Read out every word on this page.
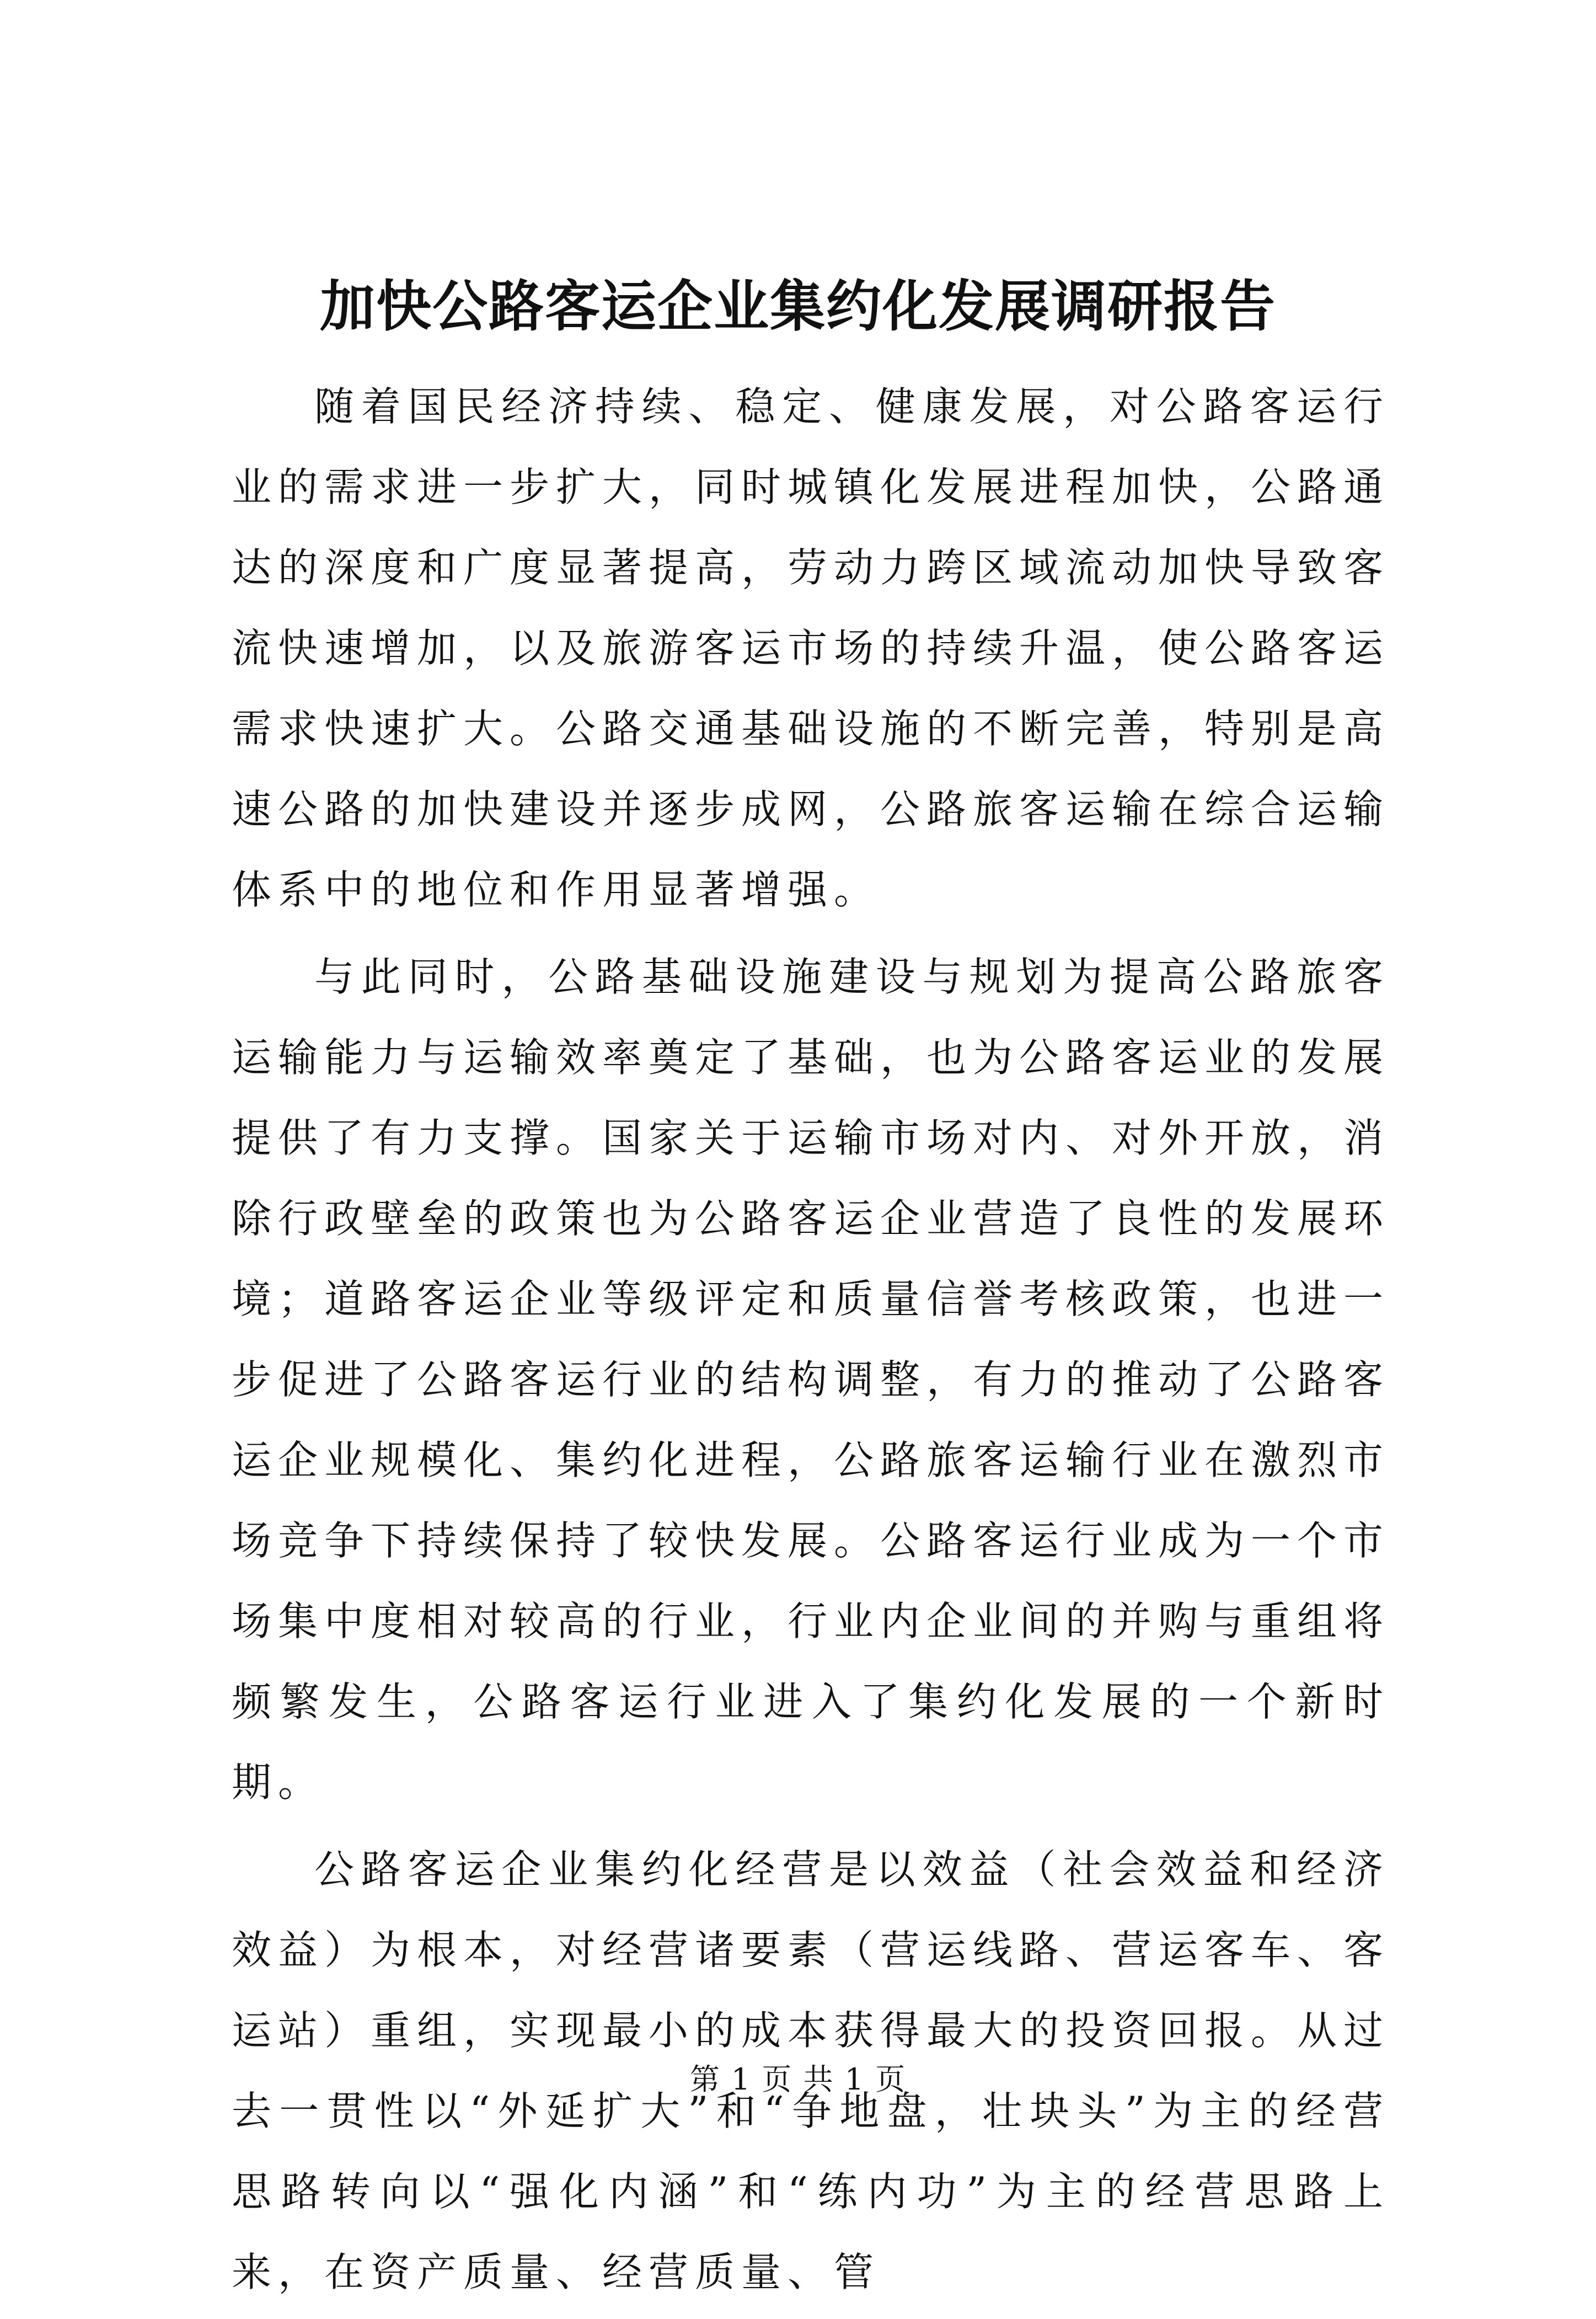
加快公路客运企业集约化发展调研报告

随着国民经济持续、稳定、健康发展，对公路客运行业的需求进一步扩大，同时城镇化发展进程加快，公路通达的深度和广度显著提高，劳动力跨区域流动加快导致客流快速增加，以及旅游客运市场的持续升温，使公路客运需求快速扩大。公路交通基础设施的不断完善，特别是高速公路的加快建设并逐步成网，公路旅客运输在综合运输体系中的地位和作用显著增强。

与此同时，公路基础设施建设与规划为提高公路旅客运输能力与运输效率奠定了基础，也为公路客运业的发展提供了有力支撑。国家关于运输市场对内、对外开放，消除行政壁垒的政策也为公路客运企业营造了良性的发展环境；道路客运企业等级评定和质量信誉考核政策，也进一步促进了公路客运行业的结构调整，有力的推动了公路客运企业规模化、集约化进程，公路旅客运输行业在激烈市场竞争下持续保持了较快发展。公路客运行业成为一个市场集中度相对较高的行业，行业内企业间的并购与重组将频繁发生，公路客运行业进入了集约化发展的一个新时期。

公路客运企业集约化经营是以效益（社会效益和经济效益）为根本，对经营诸要素（营运线路、营运客车、客运站）重组，实现最小的成本获得最大的投资回报。从过去一贯性以“外延扩大”和“争地盘，壮块头”为主的经营思路转向以“强化内涵”和“练内功”为主的经营思路上来，在资产质量、经营质量、管

第 1 页 共 1 页
